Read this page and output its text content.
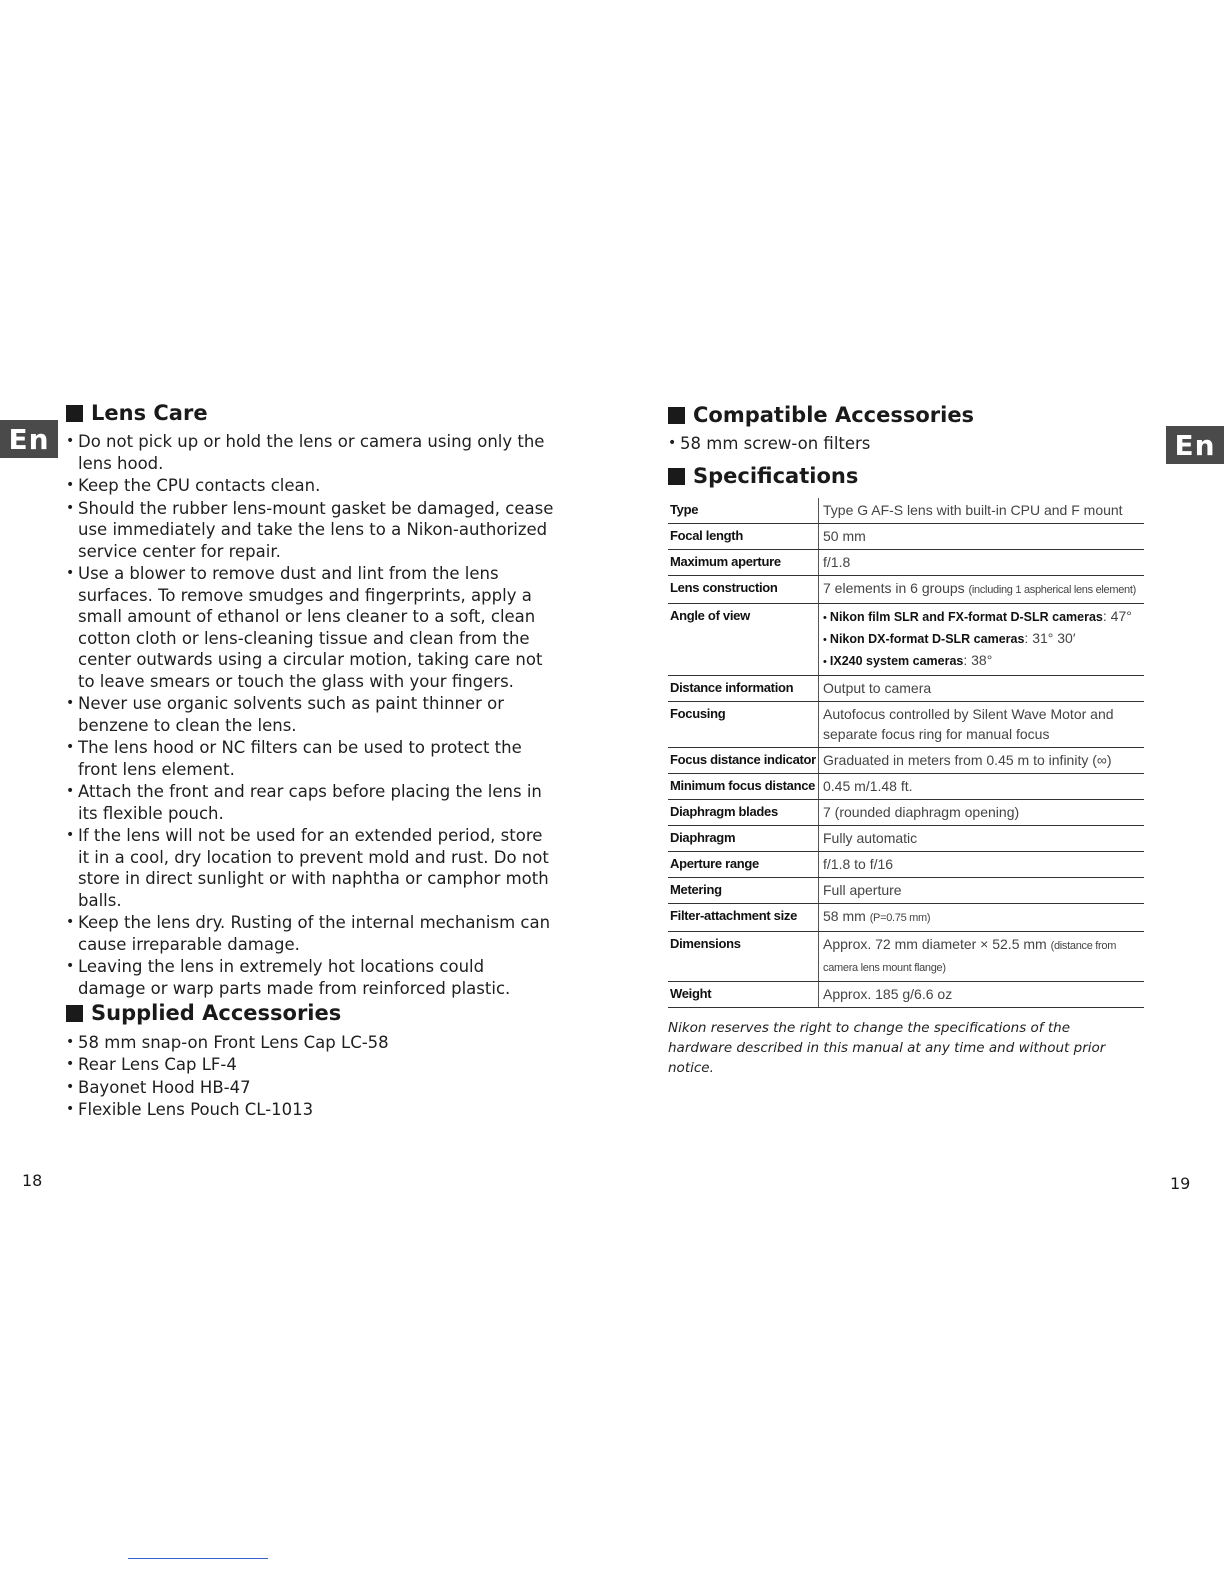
En	En
Lens Care
• Do not pick up or hold the lens or camera using only the lens hood.
• Keep the CPU contacts clean.
• Should the rubber lens-mount gasket be damaged, cease use immediately and take the lens to a Nikon-authorized service center for repair.
• Use a blower to remove dust and lint from the lens surfaces. To remove smudges and fingerprints, apply a small amount of ethanol or lens cleaner to a soft, clean cotton cloth or lens-cleaning tissue and clean from the center outwards using a circular motion, taking care not to leave smears or touch the glass with your fingers.
• Never use organic solvents such as paint thinner or benzene to clean the lens.
• The lens hood or NC filters can be used to protect the front lens element.
• Attach the front and rear caps before placing the lens in its flexible pouch.
• If the lens will not be used for an extended period, store it in a cool, dry location to prevent mold and rust. Do not store in direct sunlight or with naphtha or camphor moth balls.
• Keep the lens dry. Rusting of the internal mechanism can cause irreparable damage.
• Leaving the lens in extremely hot locations could damage or warp parts made from reinforced plastic.
Supplied Accessories
• 58 mm snap-on Front Lens Cap LC-58
• Rear Lens Cap LF-4
• Bayonet Hood HB-47
• Flexible Lens Pouch CL-1013
Compatible Accessories
• 58 mm screw-on filters
Specifications
Type	Type G AF-S lens with built-in CPU and F mount
Focal length	50 mm
Maximum aperture	f/1.8
Lens construction	7 elements in 6 groups (including 1 aspherical lens element)
Angle of view	• Nikon film SLR and FX-format D-SLR cameras: 47°
• Nikon DX-format D-SLR cameras: 31° 30′
• IX240 system cameras: 38°

Distance information	Output to camera
Focusing	Autofocus controlled by Silent Wave Motor and separate focus ring for manual focus
Focus distance indicator	Graduated in meters from 0.45 m to infinity (∞)
Minimum focus distance	0.45 m/1.48 ft.
Diaphragm blades	7 (rounded diaphragm opening)
Diaphragm	Fully automatic
Aperture range	f/1.8 to f/16
Metering	Full aperture
Filter-attachment size	58 mm (P=0.75 mm)
Dimensions	Approx. 72 mm diameter × 52.5 mm (distance from camera lens mount flange)
Weight	Approx. 185 g/6.6 oz
Nikon reserves the right to change the specifications of the hardware described in this manual at any time and without prior notice.
18	19
